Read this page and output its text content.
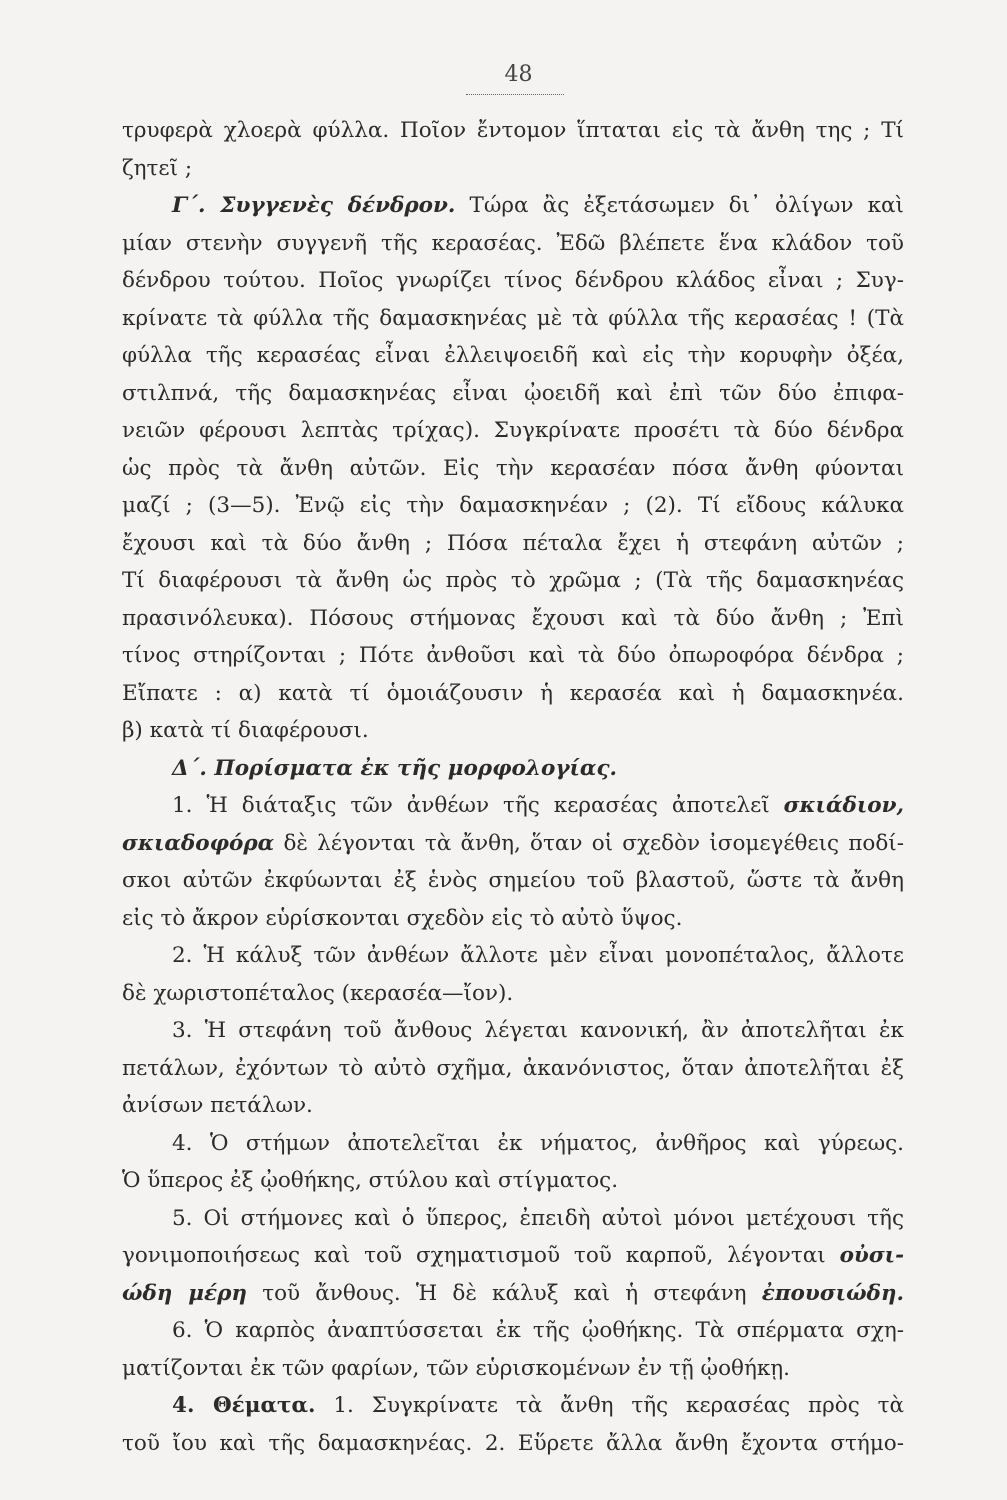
48
τρυφερὰ χλοερὰ φύλλα. Ποῖον ἔντομον ἵπταται εἰς τὰ ἄνθη της ; Τί
ζητεῖ ;
Γ΄. Συγγενὲς δένδρον. Τώρα ἂς ἐξετάσωμεν δι᾽ ὀλίγων καὶ
μίαν στενὴν συγγενῆ τῆς κερασέας. Ἐδῶ βλέπετε ἕνα κλάδον τοῦ
δένδρου τούτου. Ποῖος γνωρίζει τίνος δένδρου κλάδος εἶναι ; Συγ-
κρίνατε τὰ φύλλα τῆς δαμασκηνέας μὲ τὰ φύλλα τῆς κερασέας ! (Τὰ
φύλλα τῆς κερασέας εἶναι ἐλλειψοειδῆ καὶ εἰς τὴν κορυφὴν ὀξέα,
στιλπνά, τῆς δαμασκηνέας εἶναι ᾠοειδῆ καὶ ἐπὶ τῶν δύο ἐπιφα-
νειῶν φέρουσι λεπτὰς τρίχας). Συγκρίνατε προσέτι τὰ δύο δένδρα
ὡς πρὸς τὰ ἄνθη αὐτῶν. Εἰς τὴν κερασέαν πόσα ἄνθη φύονται
μαζί ; (3—5). Ἐνῷ εἰς τὴν δαμασκηνέαν ; (2). Τί εἴδους κάλυκα
ἔχουσι καὶ τὰ δύο ἄνθη ; Πόσα πέταλα ἔχει ἡ στεφάνη αὐτῶν ;
Τί διαφέρουσι τὰ ἄνθη ὡς πρὸς τὸ χρῶμα ; (Τὰ τῆς δαμασκηνέας
πρασινόλευκα). Πόσους στήμονας ἔχουσι καὶ τὰ δύο ἄνθη ; Ἐπὶ
τίνος στηρίζονται ; Πότε ἀνθοῦσι καὶ τὰ δύο ὀπωροφόρα δένδρα ;
Εἴπατε : α) κατὰ τί ὁμοιάζουσιν ἡ κερασέα καὶ ἡ δαμασκηνέα.
β) κατὰ τί διαφέρουσι.
Δ΄. Πορίσματα ἐκ τῆς μορφολογίας.
1. Ἡ διάταξις τῶν ἀνθέων τῆς κερασέας ἀποτελεῖ σκιάδιον,
σκιαδοφόρα δὲ λέγονται τὰ ἄνθη, ὅταν οἱ σχεδὸν ἰσομεγέθεις ποδί-
σκοι αὐτῶν ἐκφύωνται ἐξ ἑνὸς σημείου τοῦ βλαστοῦ, ὥστε τὰ ἄνθη
εἰς τὸ ἄκρον εὑρίσκονται σχεδὸν εἰς τὸ αὐτὸ ὕψος.
2. Ἡ κάλυξ τῶν ἀνθέων ἄλλοτε μὲν εἶναι μονοπέταλος, ἄλλοτε
δὲ χωριστοπέταλος (κερασέα—ἴον).
3. Ἡ στεφάνη τοῦ ἄνθους λέγεται κανονική, ἂν ἀποτελῆται ἐκ
πετάλων, ἐχόντων τὸ αὐτὸ σχῆμα, ἀκανόνιστος, ὅταν ἀποτελῆται ἐξ
ἀνίσων πετάλων.
4. Ὁ στήμων ἀποτελεῖται ἐκ νήματος, ἀνθῆρος καὶ γύρεως.
Ὁ ὕπερος ἐξ ᾠοθήκης, στύλου καὶ στίγματος.
5. Οἱ στήμονες καὶ ὁ ὕπερος, ἐπειδὴ αὐτοὶ μόνοι μετέχουσι τῆς
γονιμοποιήσεως καὶ τοῦ σχηματισμοῦ τοῦ καρποῦ, λέγονται οὐσι-
ώδη μέρη τοῦ ἄνθους. Ἡ δὲ κάλυξ καὶ ἡ στεφάνη ἐπουσιώδη.
6. Ὁ καρπὸς ἀναπτύσσεται ἐκ τῆς ᾠοθήκης. Τὰ σπέρματα σχη-
ματίζονται ἐκ τῶν φαρίων, τῶν εὑρισκομένων ἐν τῇ ᾠοθήκῃ.
4. Θέματα. 1. Συγκρίνατε τὰ ἄνθη τῆς κερασέας πρὸς τὰ
τοῦ ἴου καὶ τῆς δαμασκηνέας. 2. Εὕρετε ἄλλα ἄνθη ἔχοντα στήμο-
